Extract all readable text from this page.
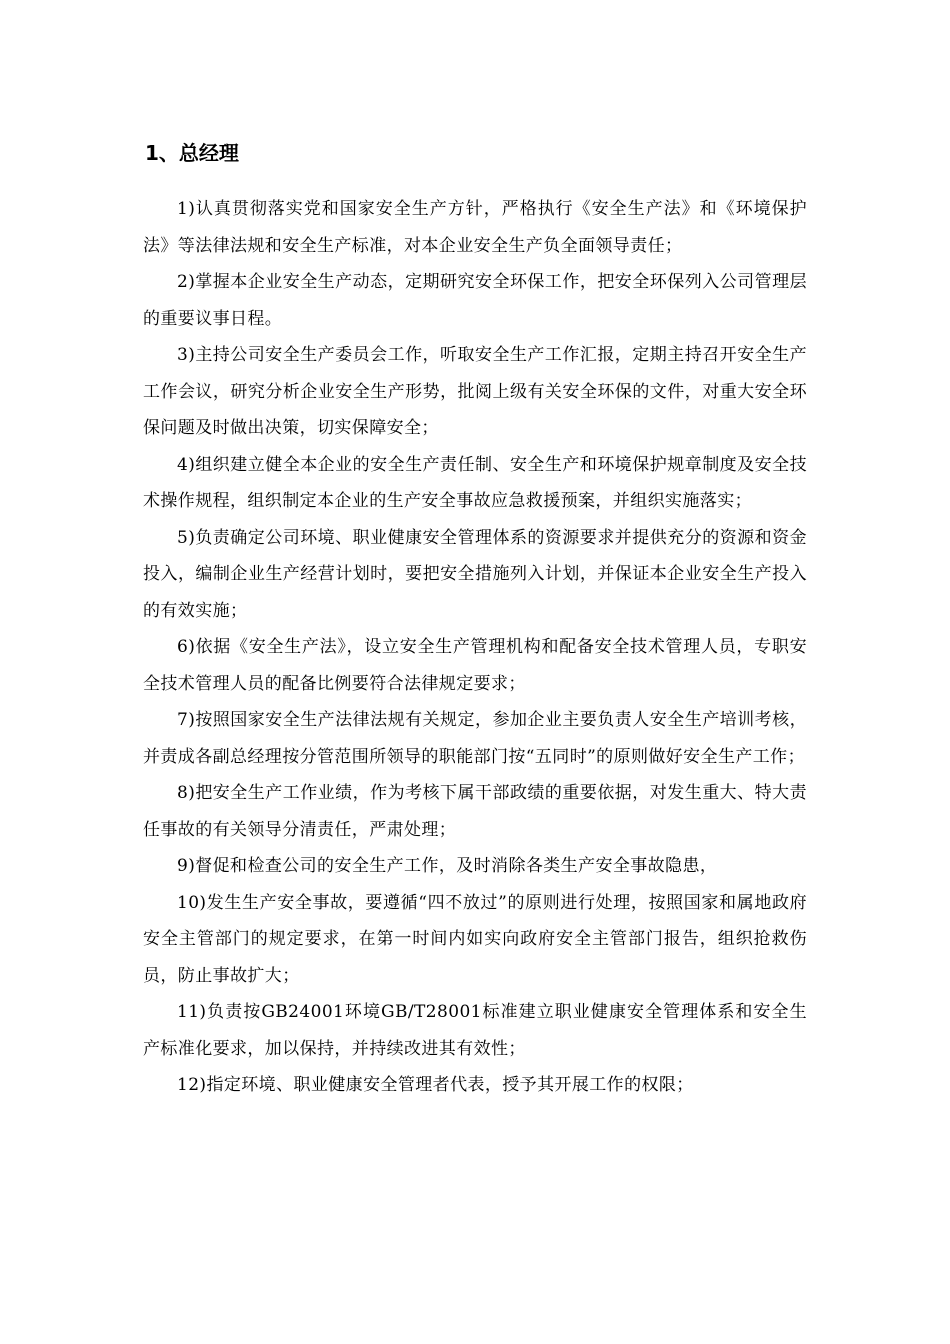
1、总经理

1)认真贯彻落实党和国家安全生产方针，严格执行《安全生产法》和《环境保护法》等法律法规和安全生产标准，对本企业安全生产负全面领导责任；

2)掌握本企业安全生产动态，定期研究安全环保工作，把安全环保列入公司管理层的重要议事日程。

3)主持公司安全生产委员会工作，听取安全生产工作汇报，定期主持召开安全生产工作会议，研究分析企业安全生产形势，批阅上级有关安全环保的文件，对重大安全环保问题及时做出决策，切实保障安全；

4)组织建立健全本企业的安全生产责任制、安全生产和环境保护规章制度及安全技术操作规程，组织制定本企业的生产安全事故应急救援预案，并组织实施落实；

5)负责确定公司环境、职业健康安全管理体系的资源要求并提供充分的资源和资金投入，编制企业生产经营计划时，要把安全措施列入计划，并保证本企业安全生产投入的有效实施；

6)依据《安全生产法》，设立安全生产管理机构和配备安全技术管理人员，专职安全技术管理人员的配备比例要符合法律规定要求；

7)按照国家安全生产法律法规有关规定，参加企业主要负责人安全生产培训考核，并责成各副总经理按分管范围所领导的职能部门按“五同时”的原则做好安全生产工作；

8)把安全生产工作业绩，作为考核下属干部政绩的重要依据，对发生重大、特大责任事故的有关领导分清责任，严肃处理；

9)督促和检查公司的安全生产工作，及时消除各类生产安全事故隐患，

10)发生生产安全事故，要遵循“四不放过”的原则进行处理，按照国家和属地政府安全主管部门的规定要求，在第一时间内如实向政府安全主管部门报告，组织抢救伤员，防止事故扩大；

11)负责按GB24001环境GB/T28001标准建立职业健康安全管理体系和安全生产标准化要求，加以保持，并持续改进其有效性；

12)指定环境、职业健康安全管理者代表，授予其开展工作的权限；
